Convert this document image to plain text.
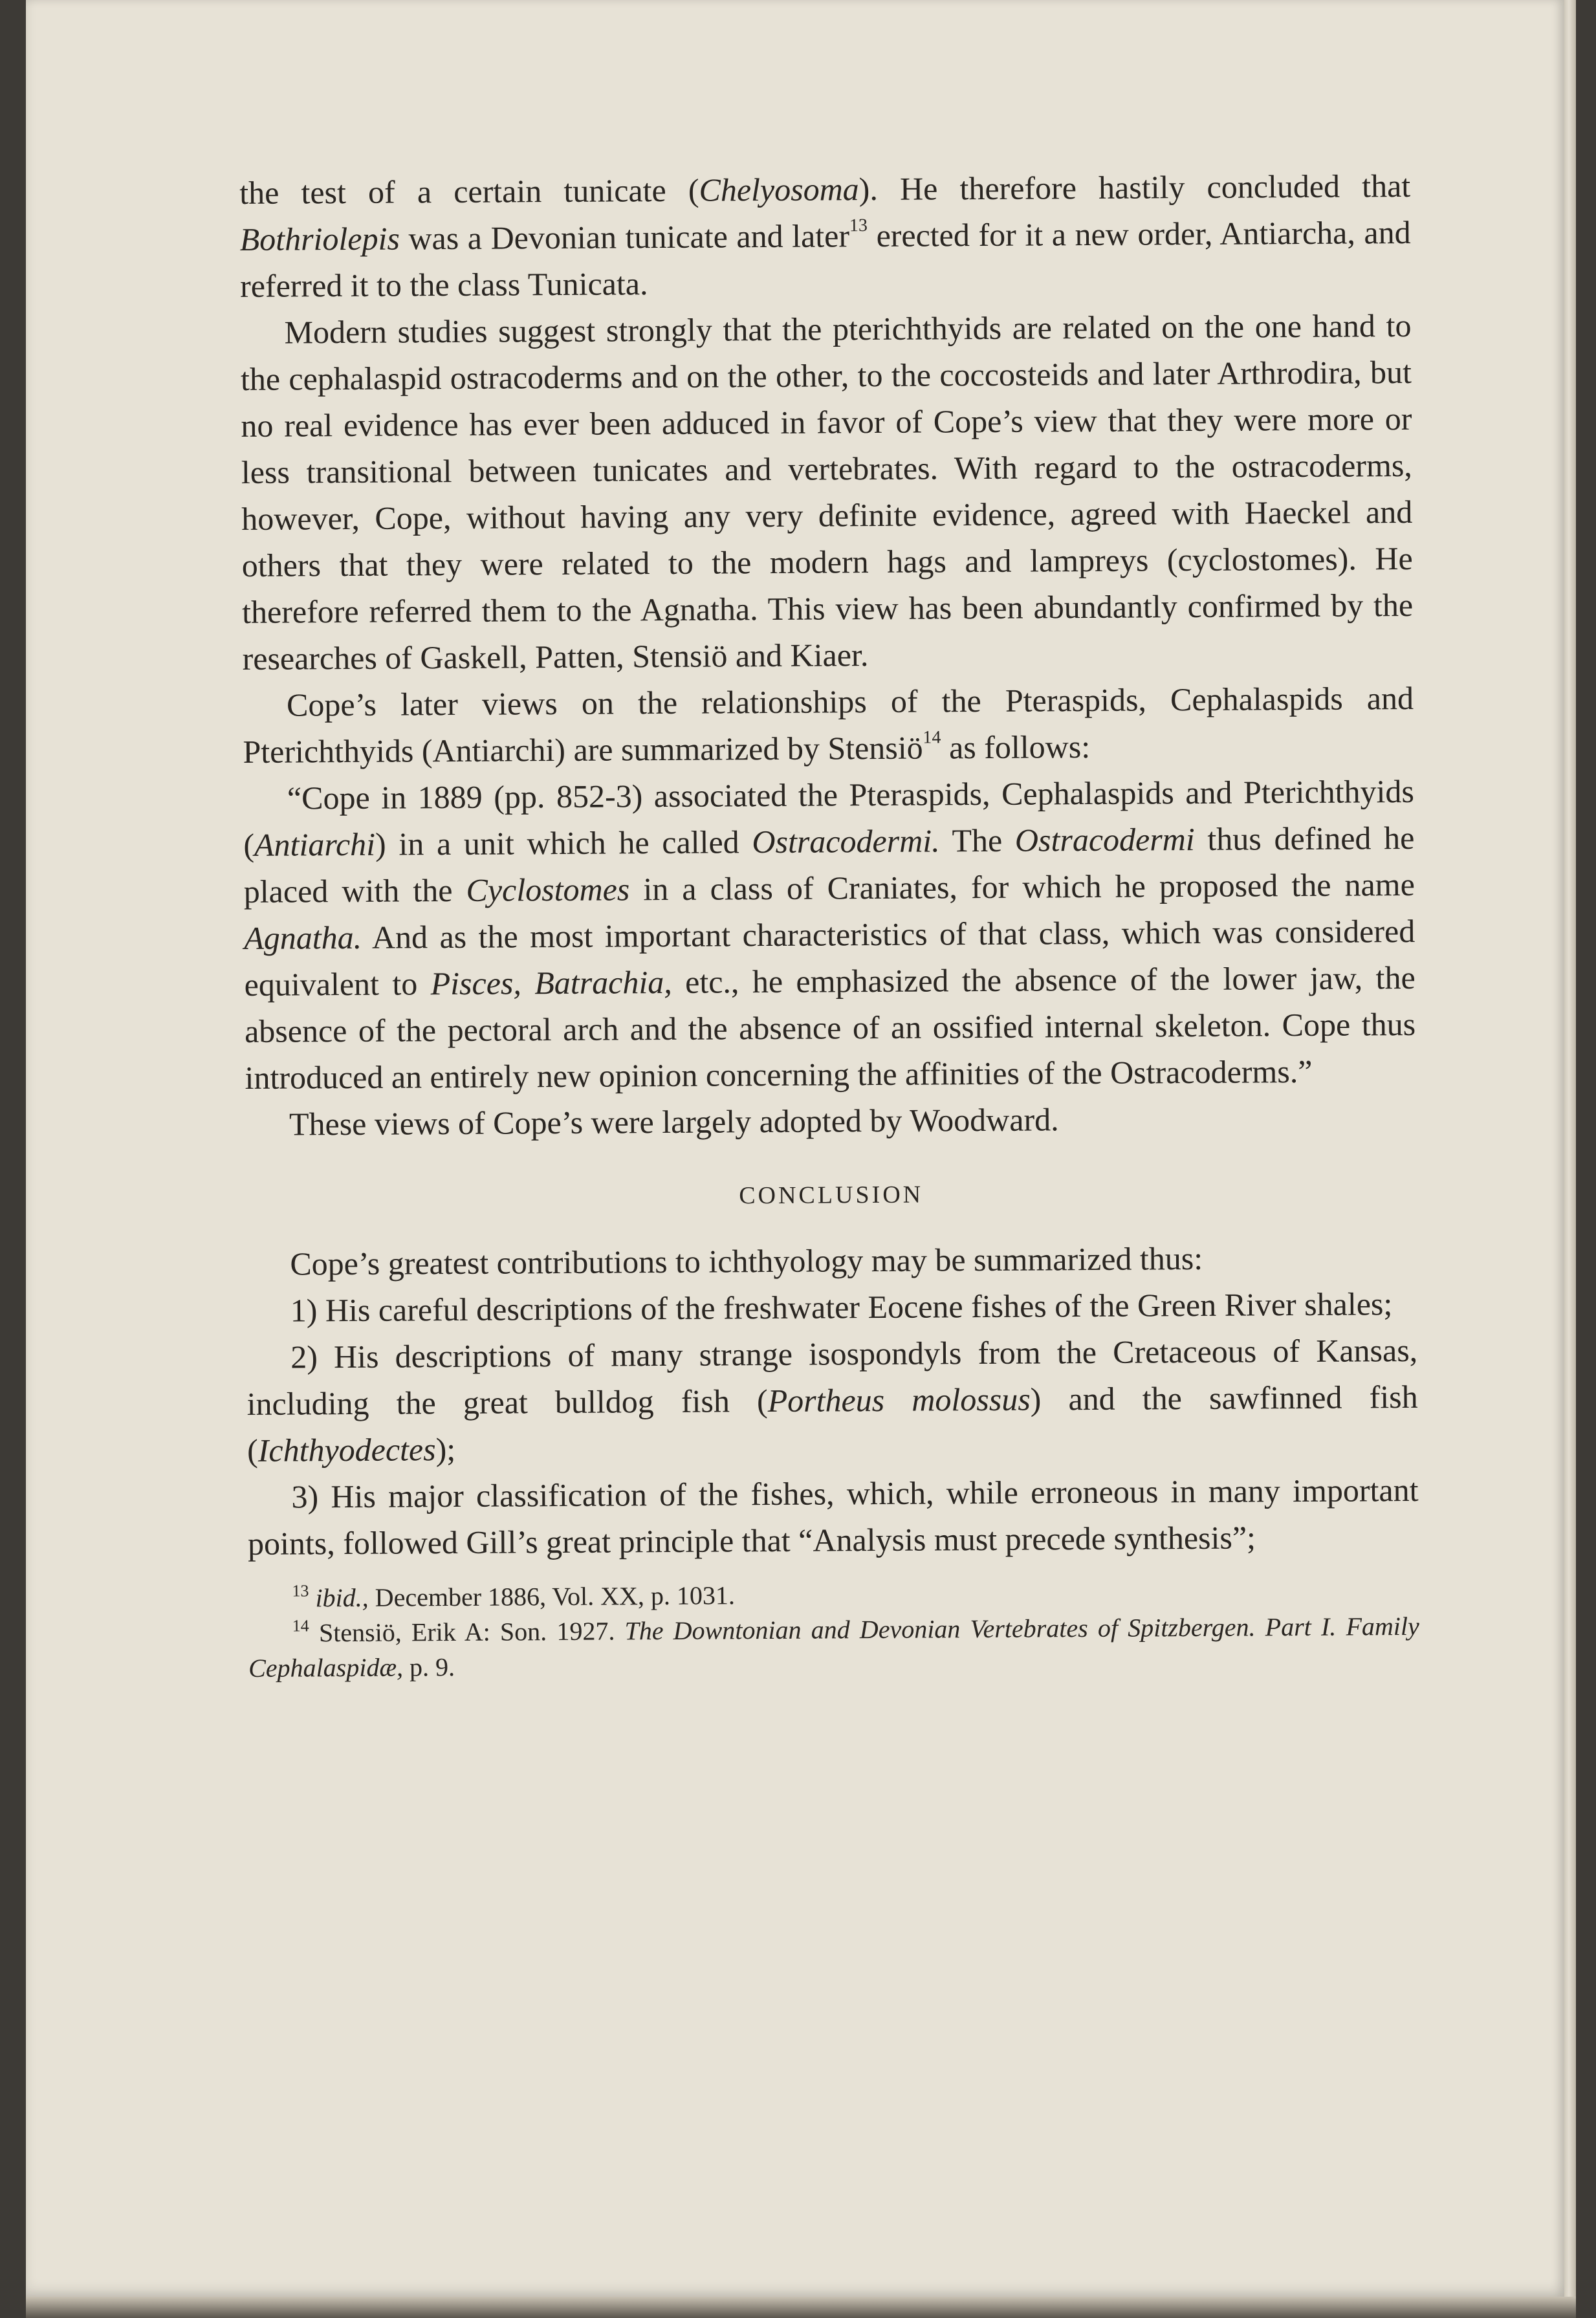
the test of a certain tunicate (Chelyosoma). He therefore hastily concluded that Bothriolepis was a Devonian tunicate and later$^{13}$ erected for it a new order, Antiarcha, and referred it to the class Tunicata.

Modern studies suggest strongly that the pterichthyids are related on the one hand to the cephalaspid ostracoderms and on the other, to the coccosteids and later Arthrodira, but no real evidence has ever been adduced in favor of Cope’s view that they were more or less transitional between tunicates and vertebrates. With regard to the ostracoderms, however, Cope, without having any very definite evidence, agreed with Haeckel and others that they were related to the modern hags and lampreys (cyclostomes). He therefore referred them to the Agnatha. This view has been abundantly confirmed by the researches of Gaskell, Patten, Stensiö and Kiaer.

Cope’s later views on the relationships of the Pteraspids, Cephalaspids and Pterichthyids (Antiarchi) are summarized by Stensiö$^{14}$ as follows:

“Cope in 1889 (pp. 852-3) associated the Pteraspids, Cephalaspids and Pterichthyids (Antiarchi) in a unit which he called Ostracodermi. The Ostracodermi thus defined he placed with the Cyclostomes in a class of Craniates, for which he proposed the name Agnatha. And as the most important characteristics of that class, which was considered equivalent to Pisces, Batrachia, etc., he emphasized the absence of the lower jaw, the absence of the pectoral arch and the absence of an ossified internal skeleton. Cope thus introduced an entirely new opinion concerning the affinities of the Ostracoderms.”

These views of Cope’s were largely adopted by Woodward.

CONCLUSION

Cope’s greatest contributions to ichthyology may be summarized thus:

1) His careful descriptions of the freshwater Eocene fishes of the Green River shales;

2) His descriptions of many strange isospondyls from the Cretaceous of Kansas, including the great bulldog fish (Portheus molossus) and the sawfinned fish (Ichthyodectes);

3) His major classification of the fishes, which, while erroneous in many important points, followed Gill’s great principle that “Analysis must precede synthesis”;

$^{13}$ ibid., December 1886, Vol. XX, p. 1031.

$^{14}$ Stensiö, Erik A: Son. 1927. The Downtonian and Devonian Vertebrates of Spitzbergen. Part I. Family Cephalaspidæ, p. 9.
